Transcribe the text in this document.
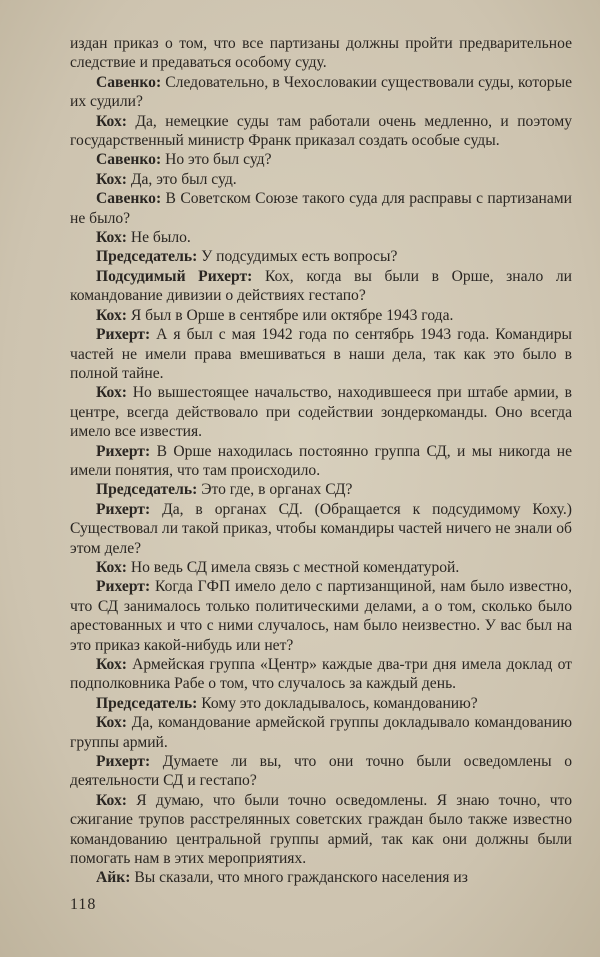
издан приказ о том, что все партизаны должны пройти предварительное следствие и предаваться особому суду.

Савенко: Следовательно, в Чехословакии существовали суды, которые их судили?

Кох: Да, немецкие суды там работали очень медленно, и поэтому государственный министр Франк приказал создать особые суды.

Савенко: Но это был суд?

Кох: Да, это был суд.

Савенко: В Советском Союзе такого суда для расправы с партизанами не было?

Кох: Не было.

Председатель: У подсудимых есть вопросы?

Подсудимый Рихерт: Кох, когда вы были в Орше, знало ли командование дивизии о действиях гестапо?

Кох: Я был в Орше в сентябре или октябре 1943 года.

Рихерт: А я был с мая 1942 года по сентябрь 1943 года. Командиры частей не имели права вмешиваться в наши дела, так как это было в полной тайне.

Кох: Но вышестоящее начальство, находившееся при штабе армии, в центре, всегда действовало при содействии зондеркоманды. Оно всегда имело все известия.

Рихерт: В Орше находилась постоянно группа СД, и мы никогда не имели понятия, что там происходило.

Председатель: Это где, в органах СД?

Рихерт: Да, в органах СД. (Обращается к подсудимому Коху.) Существовал ли такой приказ, чтобы командиры частей ничего не знали об этом деле?

Кох: Но ведь СД имела связь с местной комендатурой.

Рихерт: Когда ГФП имело дело с партизанщиной, нам было известно, что СД занималось только политическими делами, а о том, сколько было арестованных и что с ними случалось, нам было неизвестно. У вас был на это приказ какой-нибудь или нет?

Кох: Армейская группа «Центр» каждые два-три дня имела доклад от подполковника Рабе о том, что случалось за каждый день.

Председатель: Кому это докладывалось, командованию?

Кох: Да, командование армейской группы докладывало командованию группы армий.

Рихерт: Думаете ли вы, что они точно были осведомлены о деятельности СД и гестапо?

Кох: Я думаю, что были точно осведомлены. Я знаю точно, что сжигание трупов расстрелянных советских граждан было также известно командованию центральной группы армий, так как они должны были помогать нам в этих мероприятиях.

Айк: Вы сказали, что много гражданского населения из

118
